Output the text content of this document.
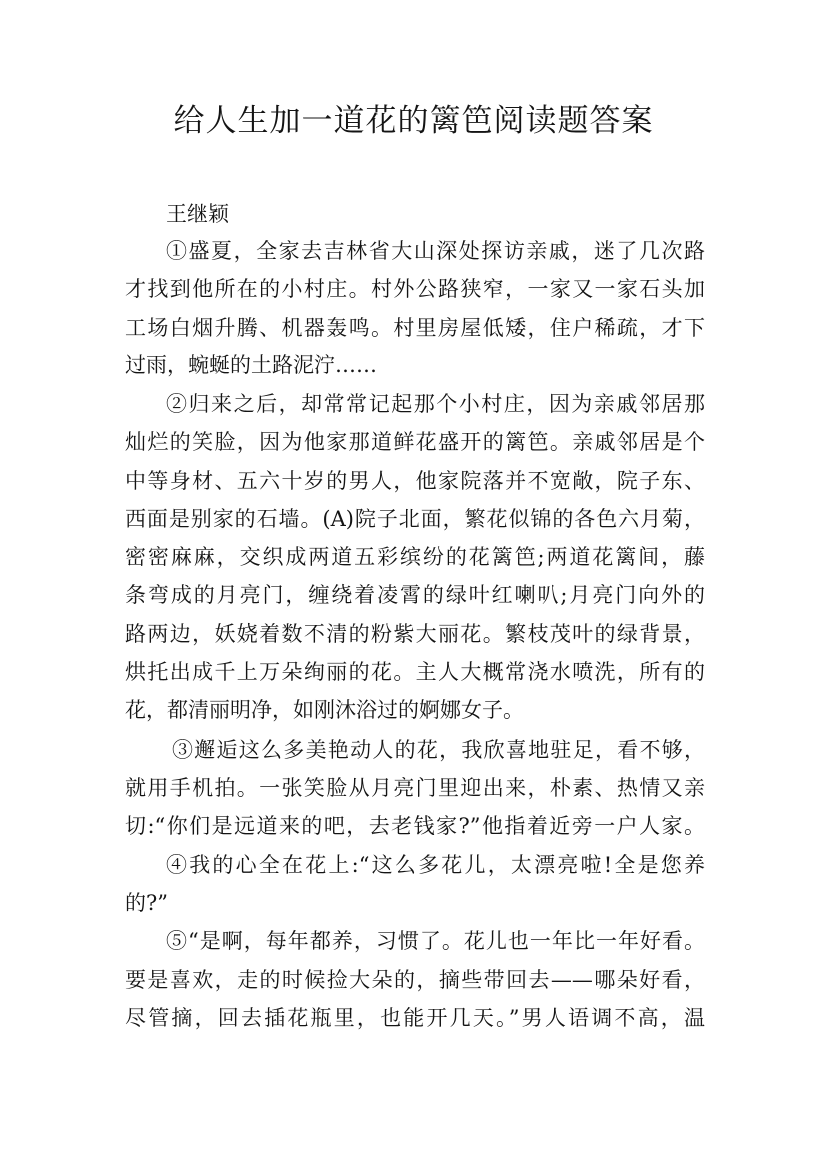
给人生加一道花的篱笆阅读题答案

王继颖

①盛夏，全家去吉林省大山深处探访亲戚，迷了几次路

才找到他所在的小村庄。村外公路狭窄，一家又一家石头加

工场白烟升腾、机器轰鸣。村里房屋低矮，住户稀疏，才下

过雨，蜿蜒的土路泥泞……

②归来之后，却常常记起那个小村庄，因为亲戚邻居那

灿烂的笑脸，因为他家那道鲜花盛开的篱笆。亲戚邻居是个

中等身材、五六十岁的男人，他家院落并不宽敞，院子东、

西面是别家的石墙。(A)院子北面，繁花似锦的各色六月菊，

密密麻麻，交织成两道五彩缤纷的花篱笆;两道花篱间，藤

条弯成的月亮门，缠绕着凌霄的绿叶红喇叭;月亮门向外的

路两边，妖娆着数不清的粉紫大丽花。繁枝茂叶的绿背景，

烘托出成千上万朵绚丽的花。主人大概常浇水喷洗，所有的

花，都清丽明净，如刚沐浴过的婀娜女子。

③邂逅这么多美艳动人的花，我欣喜地驻足，看不够，

就用手机拍。一张笑脸从月亮门里迎出来，朴素、热情又亲

切:“你们是远道来的吧，去老钱家?”他指着近旁一户人家。

④我的心全在花上:“这么多花儿，太漂亮啦!全是您养

的?”

⑤“是啊，每年都养，习惯了。花儿也一年比一年好看。

要是喜欢，走的时候捡大朵的，摘些带回去——哪朵好看，

尽管摘，回去插花瓶里，也能开几天。”男人语调不高，温
